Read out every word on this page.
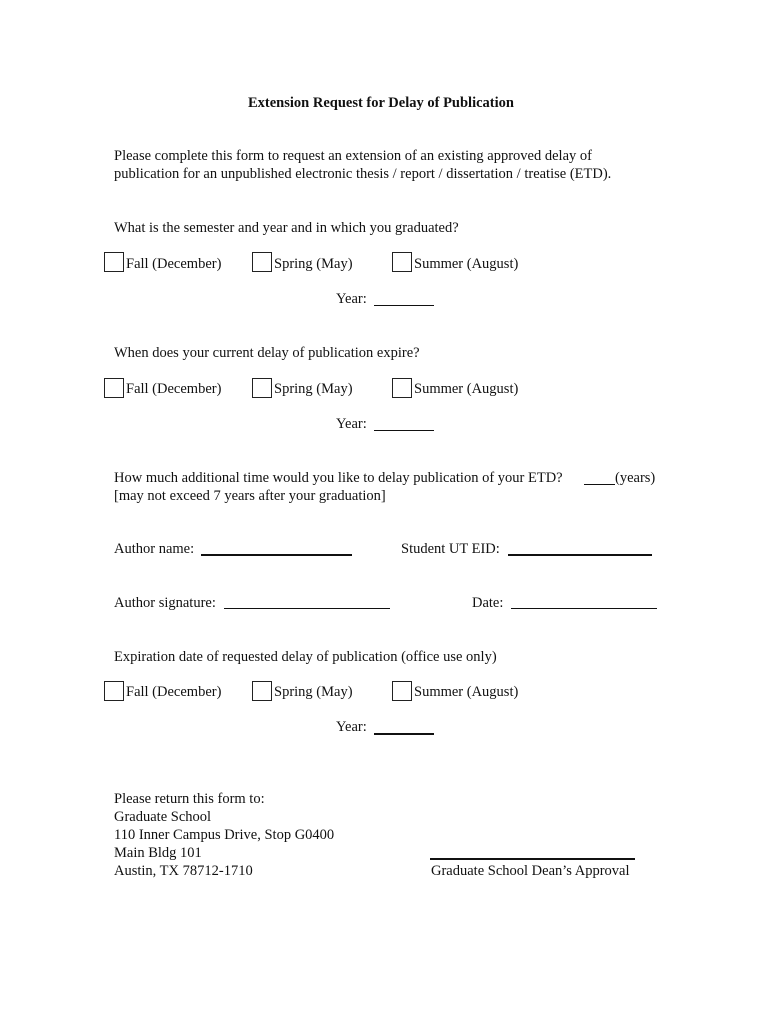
Extension Request for Delay of Publication
Please complete this form to request an extension of an existing approved delay of
publication for an unpublished electronic thesis / report / dissertation / treatise (ETD).
What is the semester and year and in which you graduated?
Fall (December)	Spring (May)	Summer (August)
Year:
When does your current delay of publication expire?
Fall (December)	Spring (May)	Summer (August)
Year:
How much additional time would you like to delay publication of your ETD?	(years)
[may not exceed 7 years after your graduation]
Author name:	Student UT EID:
Author signature:	Date:
Expiration date of requested delay of publication (office use only)
Fall (December)	Spring (May)	Summer (August)
Year:
Please return this form to:
Graduate School
110 Inner Campus Drive, Stop G0400
Main Bldg 101
Austin, TX 78712-1710	Graduate School Dean’s Approval
